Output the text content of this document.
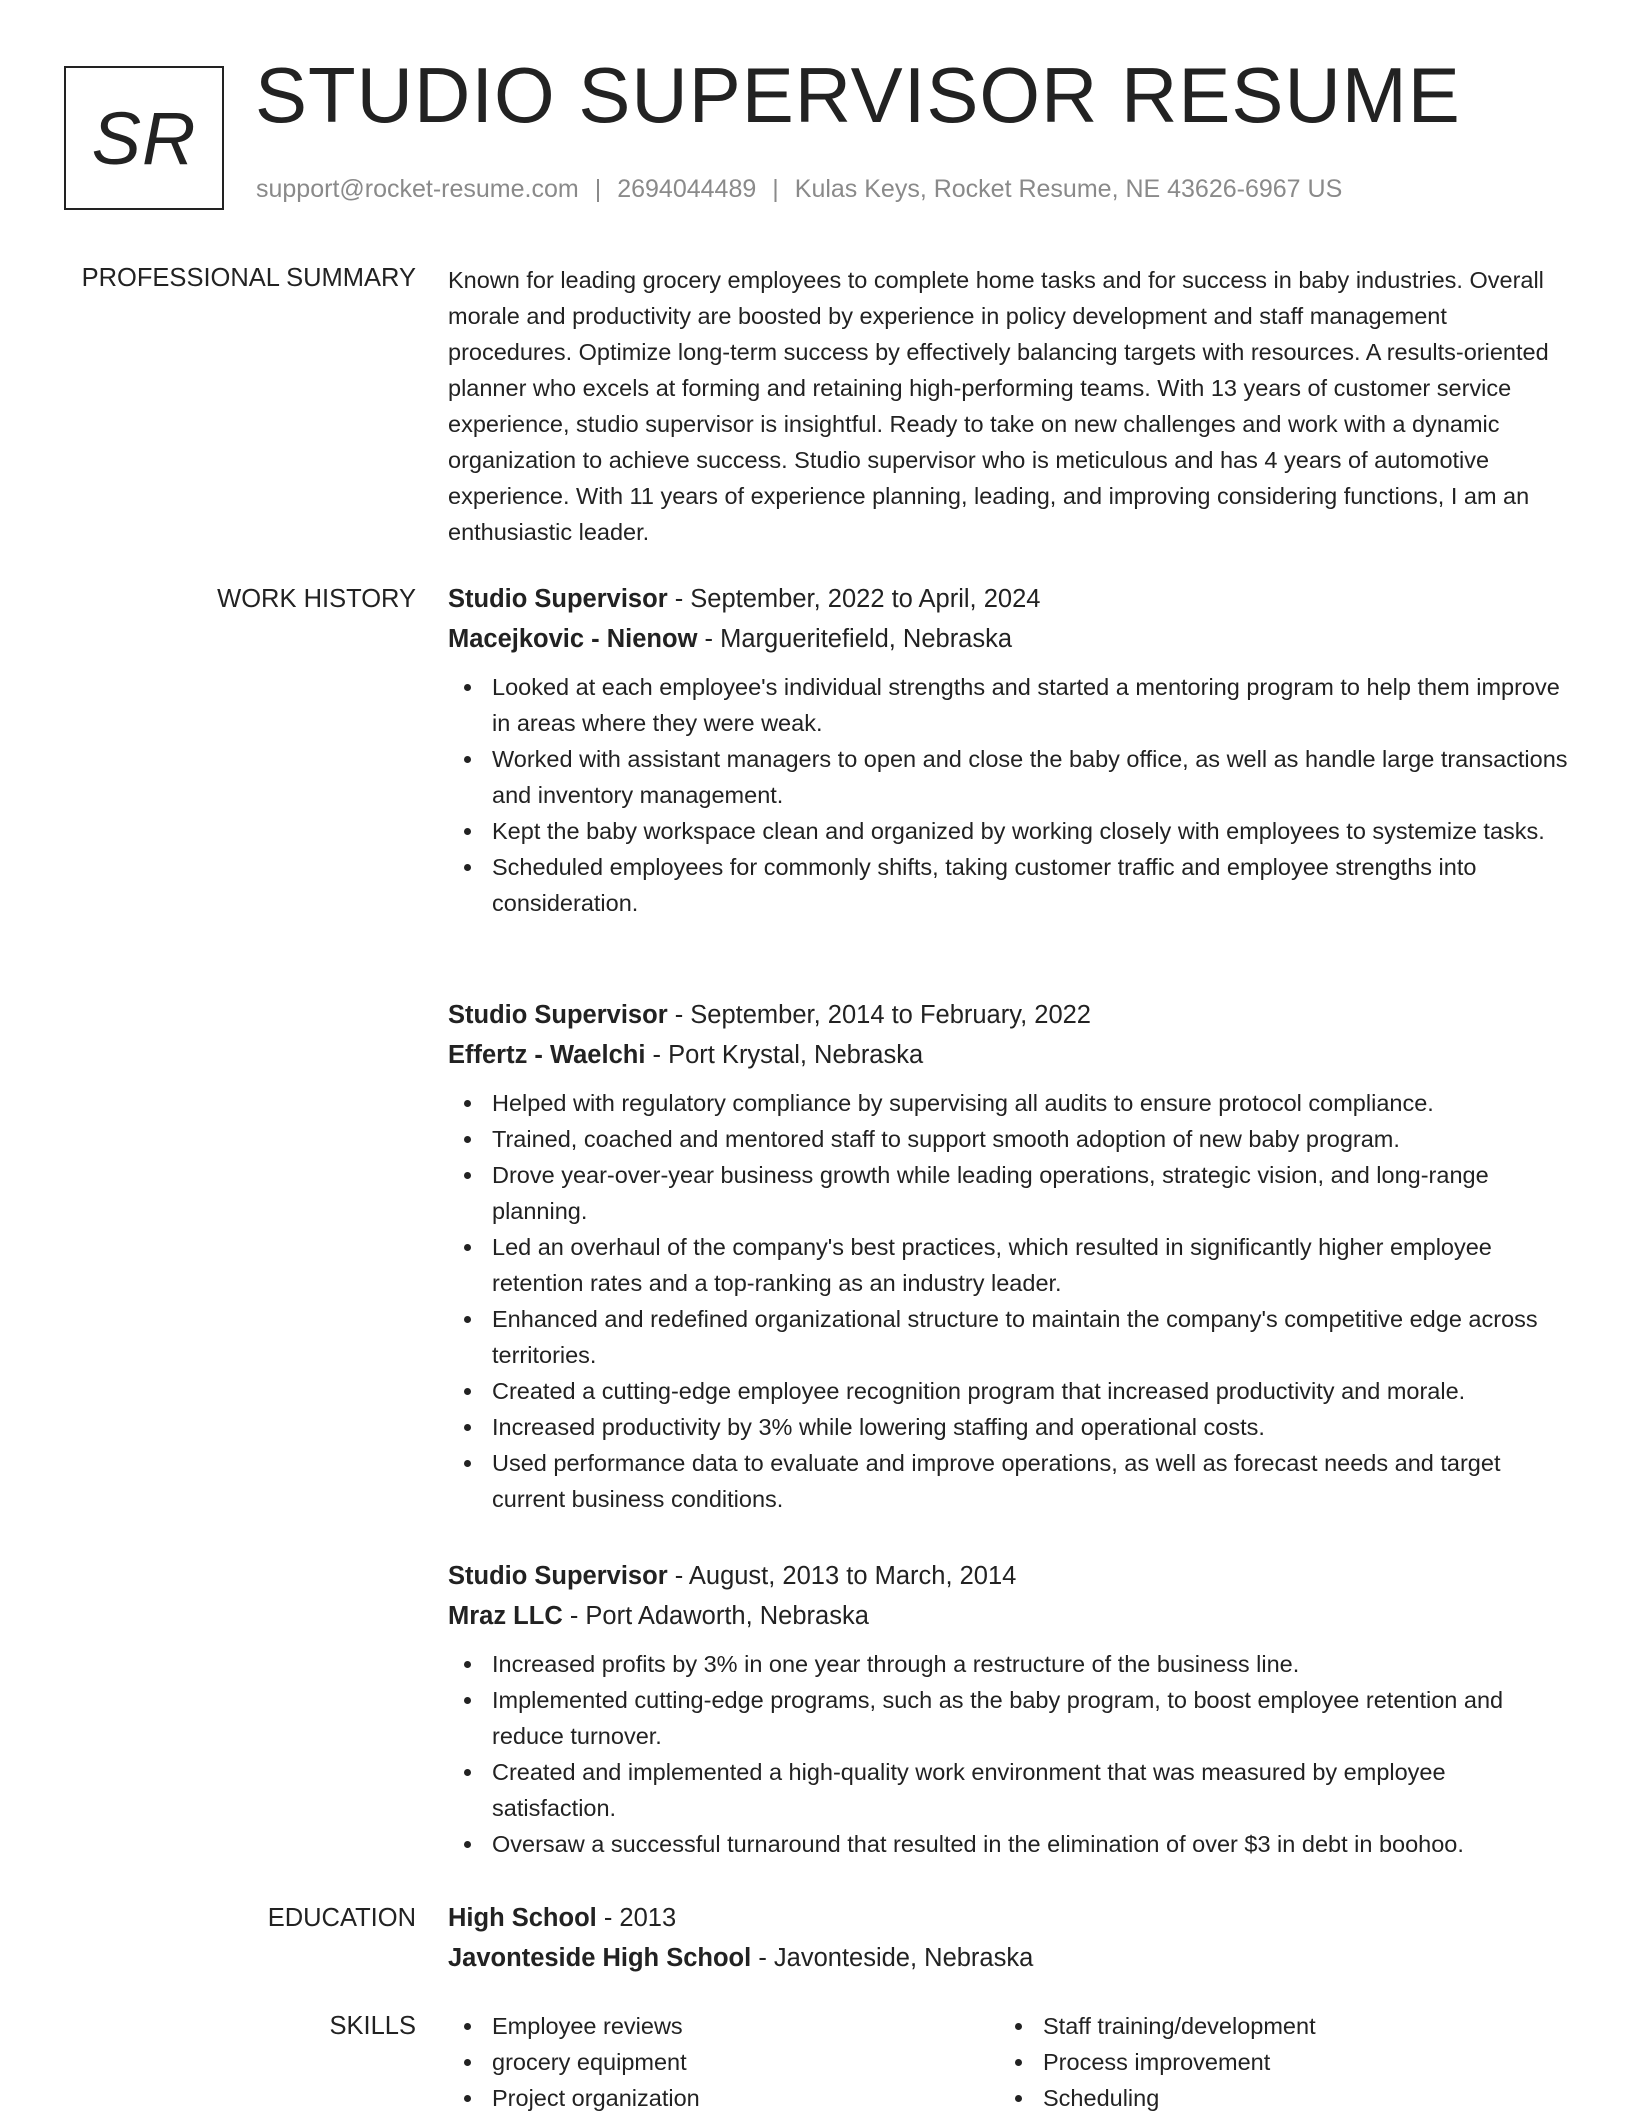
SR STUDIO SUPERVISOR RESUME
support@rocket-resume.com | 2694044489 | Kulas Keys, Rocket Resume, NE 43626-6967 US
PROFESSIONAL SUMMARY Known for leading grocery employees to complete home tasks and for success in baby industries. Overall morale and productivity are boosted by experience in policy development and staff management procedures. Optimize long-term success by effectively balancing targets with resources. A results-oriented planner who excels at forming and retaining high-performing teams. With 13 years of customer service experience, studio supervisor is insightful. Ready to take on new challenges and work with a dynamic organization to achieve success. Studio supervisor who is meticulous and has 4 years of automotive experience. With 11 years of experience planning, leading, and improving considering functions, I am an enthusiastic leader.
WORK HISTORY Studio Supervisor - September, 2022 to April, 2024
Macejkovic - Nienow - Margueritefield, Nebraska
Looked at each employee's individual strengths and started a mentoring program to help them improve in areas where they were weak.
Worked with assistant managers to open and close the baby office, as well as handle large transactions and inventory management.
Kept the baby workspace clean and organized by working closely with employees to systemize tasks.
Scheduled employees for commonly shifts, taking customer traffic and employee strengths into consideration.
Studio Supervisor - September, 2014 to February, 2022
Effertz - Waelchi - Port Krystal, Nebraska
Helped with regulatory compliance by supervising all audits to ensure protocol compliance.
Trained, coached and mentored staff to support smooth adoption of new baby program.
Drove year-over-year business growth while leading operations, strategic vision, and long-range planning.
Led an overhaul of the company's best practices, which resulted in significantly higher employee retention rates and a top-ranking as an industry leader.
Enhanced and redefined organizational structure to maintain the company's competitive edge across territories.
Created a cutting-edge employee recognition program that increased productivity and morale.
Increased productivity by 3% while lowering staffing and operational costs.
Used performance data to evaluate and improve operations, as well as forecast needs and target current business conditions.
Studio Supervisor - August, 2013 to March, 2014
Mraz LLC - Port Adaworth, Nebraska
Increased profits by 3% in one year through a restructure of the business line.
Implemented cutting-edge programs, such as the baby program, to boost employee retention and reduce turnover.
Created and implemented a high-quality work environment that was measured by employee satisfaction.
Oversaw a successful turnaround that resulted in the elimination of over $3 in debt in boohoo.
EDUCATION High School - 2013
Javonteside High School - Javonteside, Nebraska
SKILLS	Employee reviews
grocery equipment
Project organization
Staff training/development
Process improvement
Scheduling
